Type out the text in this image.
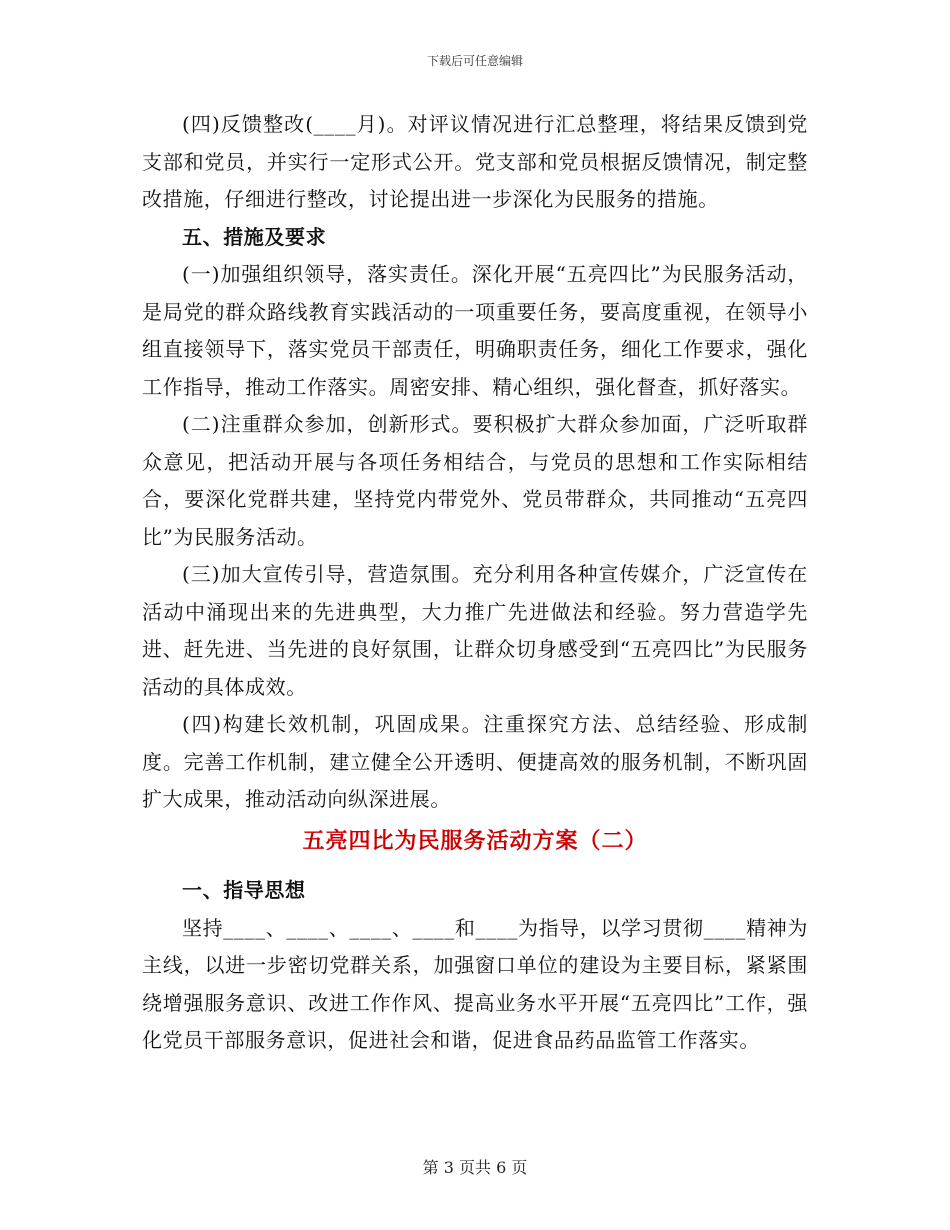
下载后可任意编辑

(四)反馈整改(____月)。对评议情况进行汇总整理，将结果反馈到党支部和党员，并实行一定形式公开。党支部和党员根据反馈情况，制定整改措施，仔细进行整改，讨论提出进一步深化为民服务的措施。

五、措施及要求

(一)加强组织领导，落实责任。深化开展“五亮四比”为民服务活动，是局党的群众路线教育实践活动的一项重要任务，要高度重视，在领导小组直接领导下，落实党员干部责任，明确职责任务，细化工作要求，强化工作指导，推动工作落实。周密安排、精心组织，强化督查，抓好落实。

(二)注重群众参加，创新形式。要积极扩大群众参加面，广泛听取群众意见，把活动开展与各项任务相结合，与党员的思想和工作实际相结合，要深化党群共建，坚持党内带党外、党员带群众，共同推动“五亮四比”为民服务活动。

(三)加大宣传引导，营造氛围。充分利用各种宣传媒介，广泛宣传在活动中涌现出来的先进典型，大力推广先进做法和经验。努力营造学先进、赶先进、当先进的良好氛围，让群众切身感受到“五亮四比”为民服务活动的具体成效。

(四)构建长效机制，巩固成果。注重探究方法、总结经验、形成制度。完善工作机制，建立健全公开透明、便捷高效的服务机制，不断巩固扩大成果，推动活动向纵深进展。

五亮四比为民服务活动方案（二）

一、指导思想

坚持____、____、____、____和____为指导，以学习贯彻____精神为主线，以进一步密切党群关系，加强窗口单位的建设为主要目标，紧紧围绕增强服务意识、改进工作作风、提高业务水平开展“五亮四比”工作，强化党员干部服务意识，促进社会和谐，促进食品药品监管工作落实。

第 3 页共 6 页
